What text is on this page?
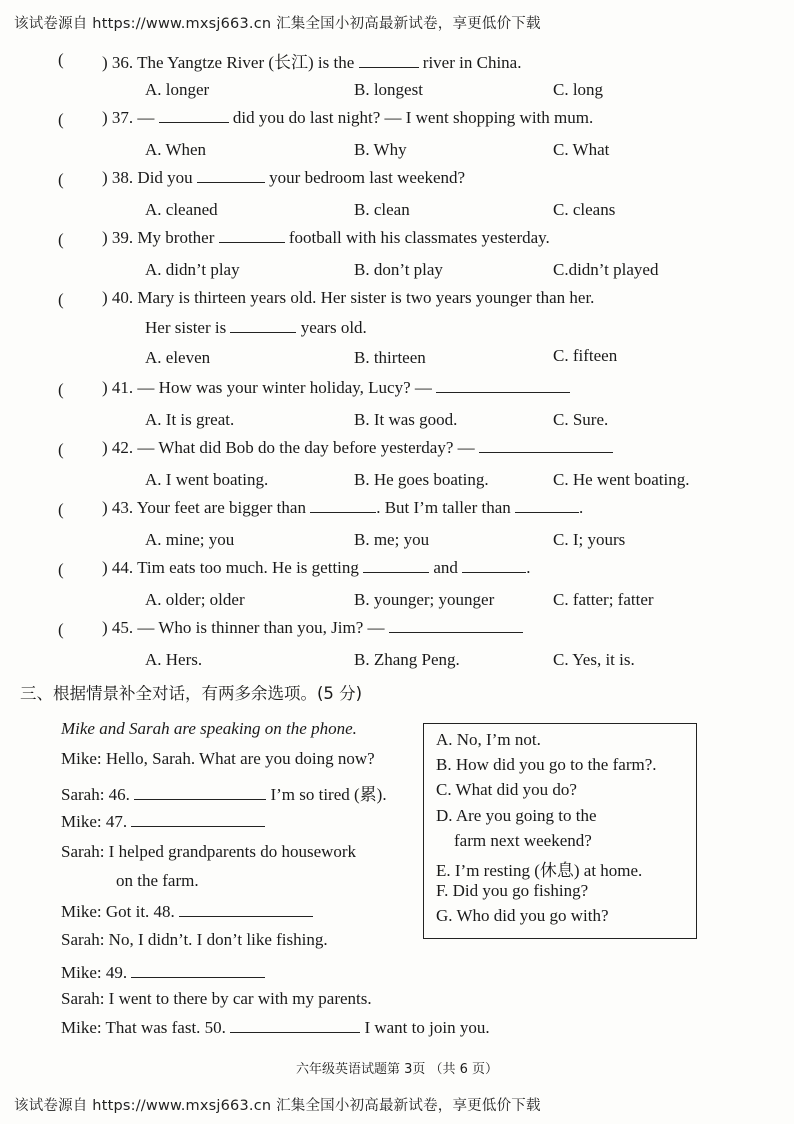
该试卷源自 https://www.mxsj663.cn 汇集全国小初高最新试卷，享更低价下载
( ) 36. The Yangtze River (长江) is the	river in China.
A. longer	B. longest	C. long
( ) 37. —	did you do last night? — I went shopping with mum.
A. When	B. Why	C. What
( ) 38. Did you	your bedroom last weekend?
A. cleaned	B. clean	C. cleans
( ) 39. My brother	football with his classmates yesterday.
A. didn’t play	B. don’t play	C.didn’t played
( ) 40. Mary is thirteen years old. Her sister is two years younger than her.
Her sister is	years old.
A. eleven	B. thirteen	C. fifteen
( ) 41. — How was your winter holiday, Lucy? —
A. It is great.	B. It was good.	C. Sure.
( ) 42. — What did Bob do the day before yesterday? —
A. I went boating.	B. He goes boating.	C. He went boating.
( ) 43. Your feet are bigger than	. But I’m taller than	.
A. mine; you	B. me; you	C. I; yours
( ) 44. Tim eats too much. He is getting	and	.
A. older; older	B. younger; younger	C. fatter; fatter
( ) 45. — Who is thinner than you, Jim? —
A. Hers.	B. Zhang Peng.	C. Yes, it is.
三、根据情景补全对话，有两多余选项。(5 分)
Mike and Sarah are speaking on the phone.
Mike: Hello, Sarah. What are you doing now?
Sarah: 46.	I’m so tired (累).
Mike: 47.
Sarah: I helped grandparents do housework
on the farm.
Mike: Got it. 48.
Sarah: No, I didn’t. I don’t like fishing.
Mike: 49.
Sarah: I went to there by car with my parents.
Mike: That was fast. 50.	I want to join you.
A. No, I’m not.
B. How did you go to the farm?.
C. What did you do?
D. Are you going to the
farm next weekend?
E. I’m resting (休息) at home.
F. Did you go fishing?
G. Who did you go with?
六年级英语试题第 3页 （共 6 页）
该试卷源自 https://www.mxsj663.cn 汇集全国小初高最新试卷，享更低价下载
